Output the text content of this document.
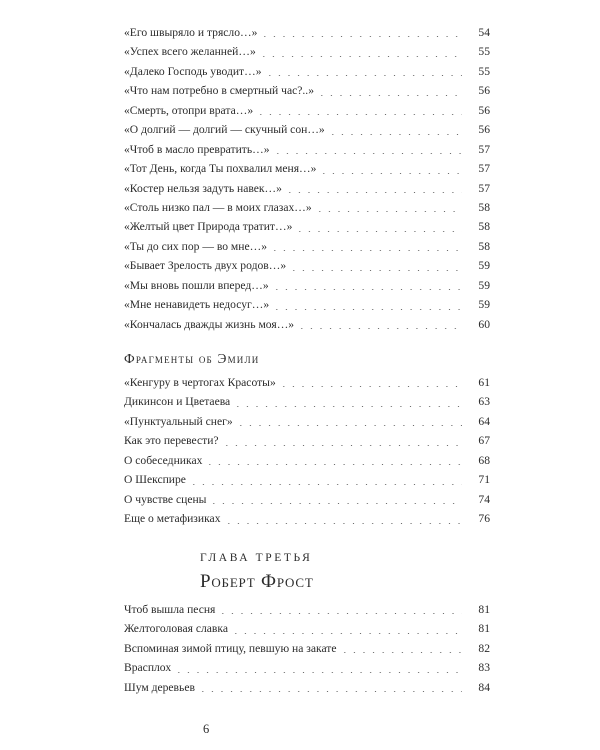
«Его швыряло и трясло…»	54
«Успех всего желанней…»	55
«Далеко Господь уводит…»	55
«Что нам потребно в смертный час?..»	56
«Смерть, отопри врата…»	56
«О долгий — долгий — скучный сон…»	56
«Чтоб в масло превратить…»	57
«Тот День, когда Ты похвалил меня…»	57
«Костер нельзя задуть навек…»	57
«Столь низко пал — в моих глазах…»	58
«Желтый цвет Природа тратит…»	58
«Ты до сих пор — во мне…»	58
«Бывает Зрелость двух родов…»	59
«Мы вновь пошли вперед…»	59
«Мне ненавидеть недосуг…»	59
«Кончалась дважды жизнь моя…»	60
Фрагменты об Эмили
«Кенгуру в чертогах Красоты»	61
Дикинсон и Цветаева	63
«Пунктуальный снег»	64
Как это перевести?	67
О собеседниках	68
О Шекспире	71
О чувстве сцены	74
Еще о метафизиках	76
ГЛАВА ТРЕТЬЯ
Роберт Фрост
Чтоб вышла песня	81
Желтоголовая славка	81
Вспоминая зимой птицу, певшую на закате	82
Врасплох	83
Шум деревьев	84
6
